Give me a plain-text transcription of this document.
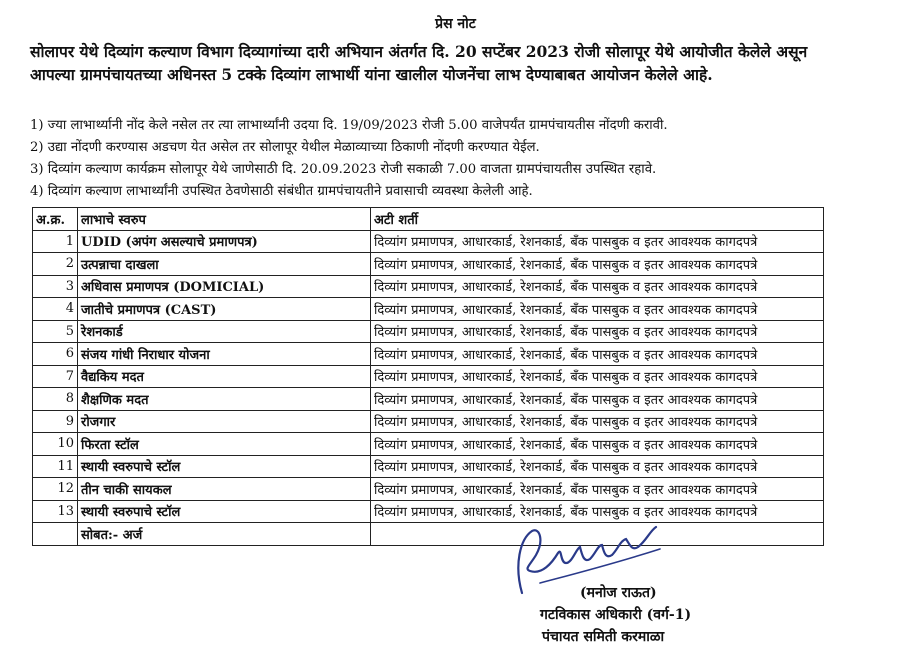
प्रेस नोट
सोलापर येथे दिव्यांग कल्याण विभाग दिव्यागांच्या दारी अभियान अंतर्गत दि. 20 सप्टेंबर 2023 रोजी सोलापूर येथे आयोजीत केलेले असून
आपल्या ग्रामपंचायतच्या अधिनस्त 5 टक्के दिव्यांग लाभार्थी यांना खालील योजनेंचा लाभ देण्याबाबत आयोजन केलेले आहे.
1) ज्या लाभार्थ्यानी नोंद केले नसेल तर त्या लाभार्थ्यांनी उदया दि. 19/09/2023 रोजी 5.00 वाजेपर्यंत ग्रामपंचायतीस नोंदणी करावी.
2) उद्या नोंदणी करण्यास अडचण येत असेल तर सोलापूर येथील मेळाव्याच्या ठिकाणी नोंदणी करण्यात येईल.
3) दिव्यांग कल्याण कार्यक्रम सोलापूर येथे जाणेसाठी दि. 20.09.2023 रोजी सकाळी 7.00 वाजता ग्रामपंचायतीस उपस्थित रहावे.
4) दिव्यांग कल्याण लाभार्थ्यांनी उपस्थित ठेवणेसाठी संबंधीत ग्रामपंचायतीने प्रवासाची व्यवस्था केलेली आहे.
अ.क्र.	लाभाचे स्वरुप	अटी शर्ती
1	UDID (अपंग असल्याचे प्रमाणपत्र)	दिव्यांग प्रमाणपत्र, आधारकार्ड, रेशनकार्ड, बँक पासबुक व इतर आवश्यक कागदपत्रे
2	उत्पन्नाचा दाखला	दिव्यांग प्रमाणपत्र, आधारकार्ड, रेशनकार्ड, बँक पासबुक व इतर आवश्यक कागदपत्रे
3	अधिवास प्रमाणपत्र (DOMICIAL)	दिव्यांग प्रमाणपत्र, आधारकार्ड, रेशनकार्ड, बँक पासबुक व इतर आवश्यक कागदपत्रे
4	जातीचे प्रमाणपत्र (CAST)	दिव्यांग प्रमाणपत्र, आधारकार्ड, रेशनकार्ड, बँक पासबुक व इतर आवश्यक कागदपत्रे
5	रेशनकार्ड	दिव्यांग प्रमाणपत्र, आधारकार्ड, रेशनकार्ड, बँक पासबुक व इतर आवश्यक कागदपत्रे
6	संजय गांधी निराधार योजना	दिव्यांग प्रमाणपत्र, आधारकार्ड, रेशनकार्ड, बँक पासबुक व इतर आवश्यक कागदपत्रे
7	वैद्यकिय मदत	दिव्यांग प्रमाणपत्र, आधारकार्ड, रेशनकार्ड, बँक पासबुक व इतर आवश्यक कागदपत्रे
8	शैक्षणिक मदत	दिव्यांग प्रमाणपत्र, आधारकार्ड, रेशनकार्ड, बँक पासबुक व इतर आवश्यक कागदपत्रे
9	रोजगार	दिव्यांग प्रमाणपत्र, आधारकार्ड, रेशनकार्ड, बँक पासबुक व इतर आवश्यक कागदपत्रे
10	फिरता स्टॉल	दिव्यांग प्रमाणपत्र, आधारकार्ड, रेशनकार्ड, बँक पासबुक व इतर आवश्यक कागदपत्रे
11	स्थायी स्वरुपाचे स्टॉल	दिव्यांग प्रमाणपत्र, आधारकार्ड, रेशनकार्ड, बँक पासबुक व इतर आवश्यक कागदपत्रे
12	तीन चाकी सायकल	दिव्यांग प्रमाणपत्र, आधारकार्ड, रेशनकार्ड, बँक पासबुक व इतर आवश्यक कागदपत्रे
13	स्थायी स्वरुपाचे स्टॉल	दिव्यांग प्रमाणपत्र, आधारकार्ड, रेशनकार्ड, बँक पासबुक व इतर आवश्यक कागदपत्रे
	सोबत:- अर्ज	
(मनोज राऊत)
गटविकास अधिकारी (वर्ग-1)
पंचायत समिती करमाळा
